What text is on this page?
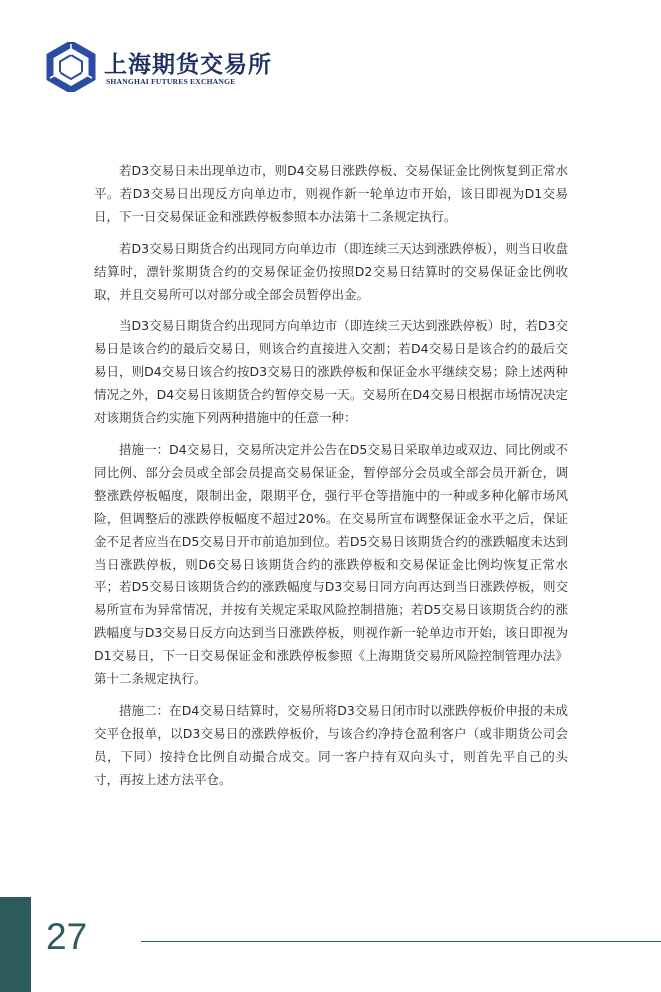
上海期货交易所
SHANGHAI FUTURES EXCHANGE

若D3交易日未出现单边市，则D4交易日涨跌停板、交易保证金比例恢复到正常水平。若D3交易日出现反方向单边市，则视作新一轮单边市开始，该日即视为D1交易日，下一日交易保证金和涨跌停板参照本办法第十二条规定执行。

若D3交易日期货合约出现同方向单边市（即连续三天达到涨跌停板），则当日收盘结算时，漂针浆期货合约的交易保证金仍按照D2交易日结算时的交易保证金比例收取，并且交易所可以对部分或全部会员暂停出金。

当D3交易日期货合约出现同方向单边市（即连续三天达到涨跌停板）时，若D3交易日是该合约的最后交易日，则该合约直接进入交割；若D4交易日是该合约的最后交易日，则D4交易日该合约按D3交易日的涨跌停板和保证金水平继续交易；除上述两种情况之外，D4交易日该期货合约暂停交易一天。交易所在D4交易日根据市场情况决定对该期货合约实施下列两种措施中的任意一种：

措施一：D4交易日，交易所决定并公告在D5交易日采取单边或双边、同比例或不同比例、部分会员或全部会员提高交易保证金，暂停部分会员或全部会员开新仓，调整涨跌停板幅度，限制出金，限期平仓，强行平仓等措施中的一种或多种化解市场风险，但调整后的涨跌停板幅度不超过20%。在交易所宣布调整保证金水平之后，保证金不足者应当在D5交易日开市前追加到位。若D5交易日该期货合约的涨跌幅度未达到当日涨跌停板，则D6交易日该期货合约的涨跌停板和交易保证金比例均恢复正常水平；若D5交易日该期货合约的涨跌幅度与D3交易日同方向再达到当日涨跌停板，则交易所宣布为异常情况，并按有关规定采取风险控制措施；若D5交易日该期货合约的涨跌幅度与D3交易日反方向达到当日涨跌停板，则视作新一轮单边市开始，该日即视为D1交易日，下一日交易保证金和涨跌停板参照《上海期货交易所风险控制管理办法》第十二条规定执行。

措施二：在D4交易日结算时，交易所将D3交易日闭市时以涨跌停板价申报的未成交平仓报单，以D3交易日的涨跌停板价，与该合约净持仓盈利客户（或非期货公司会员，下同）按持仓比例自动撮合成交。同一客户持有双向头寸，则首先平自己的头寸，再按上述方法平仓。

27
